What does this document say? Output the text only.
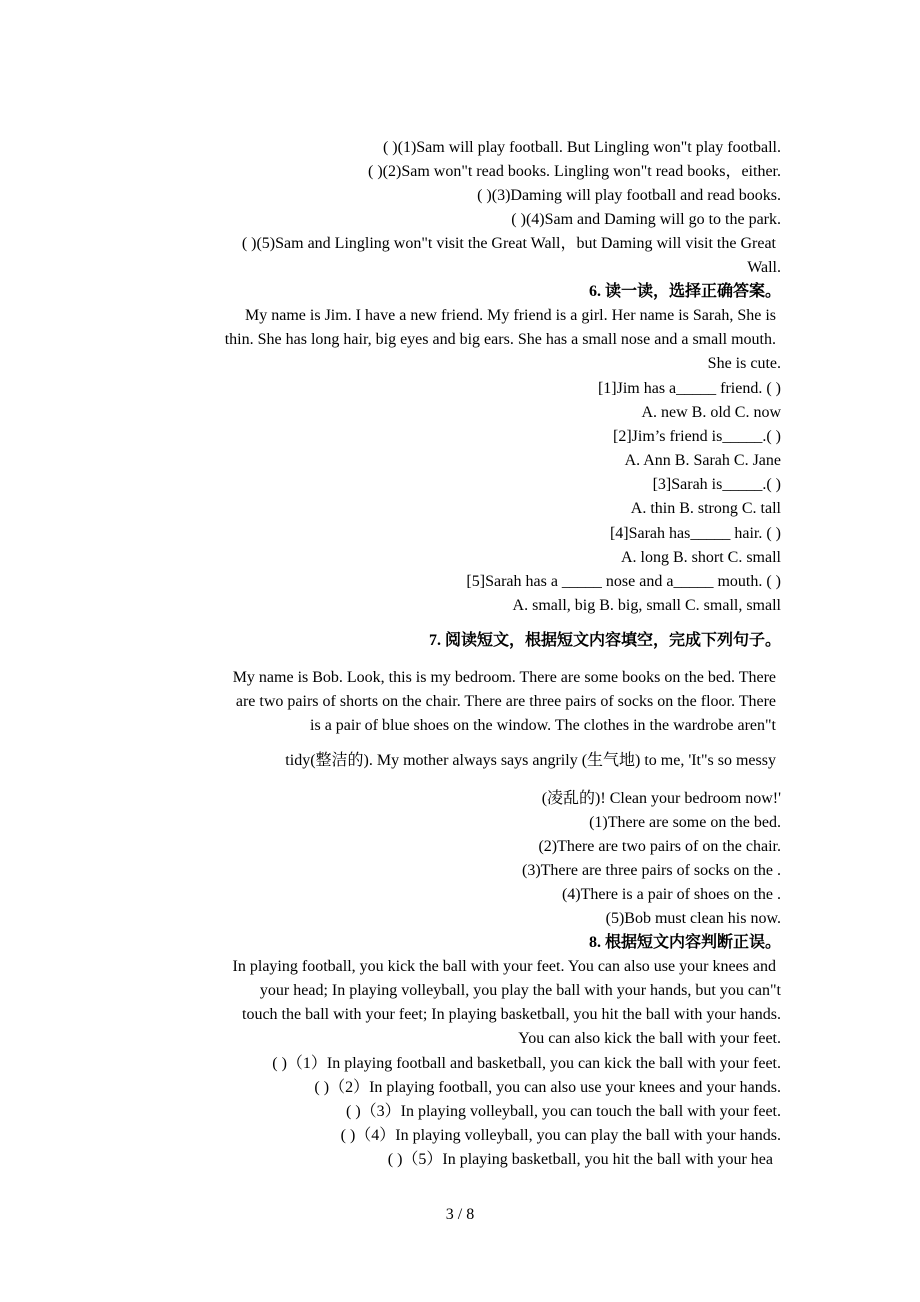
( )(1)Sam will play football. But Lingling won"t play football.
( )(2)Sam won"t read books. Lingling won"t read books，either.
( )(3)Daming will play football and read books.
( )(4)Sam and Daming will go to the park.
( )(5)Sam and Lingling won"t visit the Great Wall，but Daming will visit the Great
Wall.
6. 读一读，选择正确答案。
My name is Jim. I have a new friend. My friend is a girl. Her name is Sarah, She is
thin. She has long hair, big eyes and big ears. She has a small nose and a small mouth.
She is cute.
[1]Jim has a_____ friend. ( )
A. new B. old C. now
[2]Jim’s friend is_____.( )
A. Ann B. Sarah C. Jane
[3]Sarah is_____.( )
A. thin B. strong C. tall
[4]Sarah has_____ hair. ( )
A. long B. short C. small
[5]Sarah has a _____ nose and a_____ mouth. ( )
A. small, big B. big, small C. small, small
7. 阅读短文，根据短文内容填空，完成下列句子。
My name is Bob. Look, this is my bedroom. There are some books on the bed. There
are two pairs of shorts on the chair. There are three pairs of socks on the floor. There
is a pair of blue shoes on the window. The clothes in the wardrobe aren"t
tidy(整洁的). My mother always says angrily (生气地) to me, 'It"s so messy
(凌乱的)! Clean your bedroom now!'
(1)There are some on the bed.
(2)There are two pairs of on the chair.
(3)There are three pairs of socks on the .
(4)There is a pair of shoes on the .
(5)Bob must clean his now.
8. 根据短文内容判断正误。
In playing football, you kick the ball with your feet. You can also use your knees and
your head; In playing volleyball, you play the ball with your hands, but you can"t
touch the ball with your feet; In playing basketball, you hit the ball with your hands.
You can also kick the ball with your feet.
( )（1）In playing football and basketball, you can kick the ball with your feet.
( )（2）In playing football, you can also use your knees and your hands.
( )（3）In playing volleyball, you can touch the ball with your feet.
( )（4）In playing volleyball, you can play the ball with your hands.
( )（5）In playing basketball, you hit the ball with your hea
3 / 8
